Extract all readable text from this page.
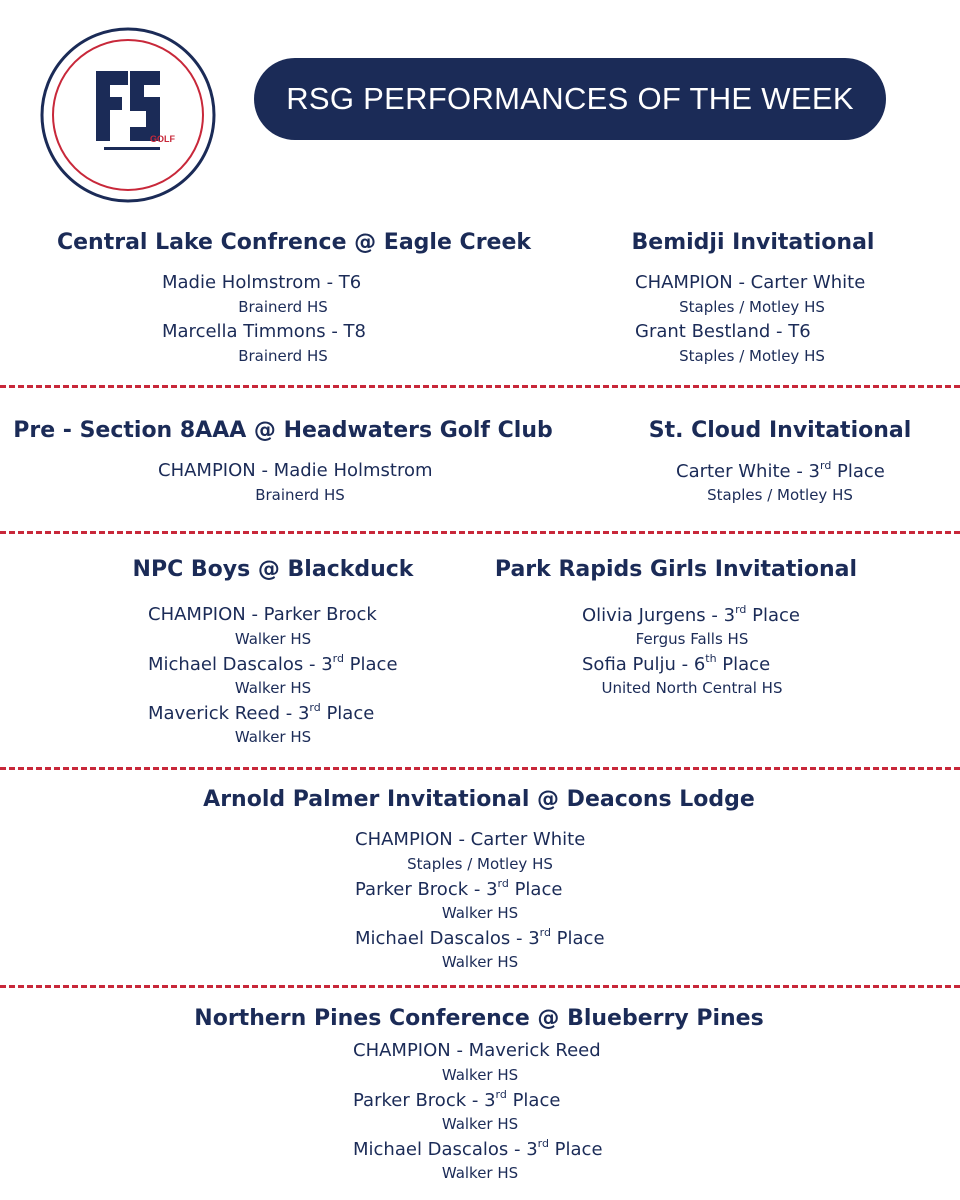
GOLF
RSG PERFORMANCES OF THE WEEK
Central Lake Confrence @ Eagle Creek
Madie Holmstrom - T6
Brainerd HS
Marcella Timmons - T8
Brainerd HS
Bemidji Invitational
CHAMPION - Carter White
Staples / Motley HS
Grant Bestland - T6
Staples / Motley HS
Pre - Section 8AAA @ Headwaters Golf Club
CHAMPION - Madie Holmstrom
Brainerd HS
St. Cloud Invitational
Carter White - 3rd Place
Staples / Motley HS
NPC Boys @ Blackduck
CHAMPION - Parker Brock
Walker HS
Michael Dascalos - 3rd Place
Walker HS
Maverick Reed - 3rd Place
Walker HS
Park Rapids Girls Invitational
Olivia Jurgens - 3rd Place
Fergus Falls HS
Sofia Pulju - 6th Place
United North Central HS
Arnold Palmer Invitational @ Deacons Lodge
CHAMPION - Carter White
Staples / Motley HS
Parker Brock - 3rd Place
Walker HS
Michael Dascalos - 3rd Place
Walker HS
Northern Pines Conference @ Blueberry Pines
CHAMPION - Maverick Reed
Walker HS
Parker Brock - 3rd Place
Walker HS
Michael Dascalos - 3rd Place
Walker HS
